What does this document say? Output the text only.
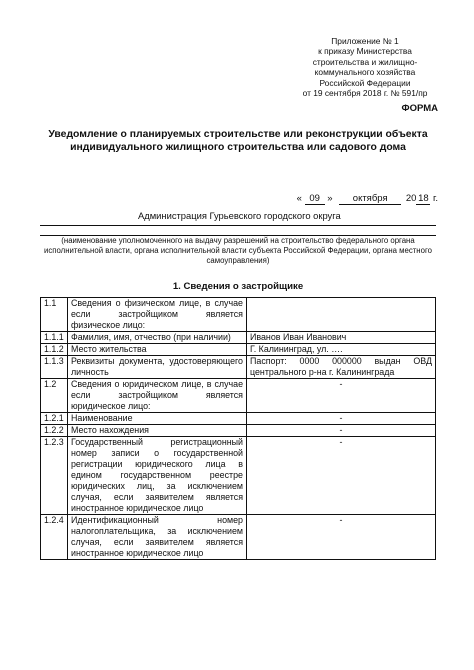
Приложение № 1
к приказу Министерства
строительства и жилищно-
коммунального хозяйства
Российской Федерации
от 19 сентября 2018 г. № 591/пр
ФОРМА
Уведомление о планируемых строительстве или реконструкции объекта индивидуального жилищного строительства или садового дома
« 09 » октября 20 18 г.
Администрация Гурьевского городского округа
(наименование уполномоченного на выдачу разрешений на строительство федерального органа исполнительной власти, органа исполнительной власти субъекта Российской Федерации, органа местного самоуправления)
1. Сведения о застройщике
1.1	Сведения о физическом лице, в случае если застройщиком является физическое лицо:	
1.1.1	Фамилия, имя, отчество (при наличии)	Иванов Иван Иванович
1.1.2	Место жительства	Г. Калининград, ул. ….
1.1.3	Реквизиты документа, удостоверяющего личность	Паспорт: 0000 000000 выдан ОВД центрального р-на г. Калининграда
1.2	Сведения о юридическом лице, в случае если застройщиком является юридическое лицо:	-
1.2.1	Наименование	-
1.2.2	Место нахождения	-
1.2.3	Государственный регистрационный номер записи о государственной регистрации юридического лица в едином государственном реестре юридических лиц, за исключением случая, если заявителем является иностранное юридическое лицо	-
1.2.4	Идентификационный номер налогоплательщика, за исключением случая, если заявителем является иностранное юридическое лицо	-
